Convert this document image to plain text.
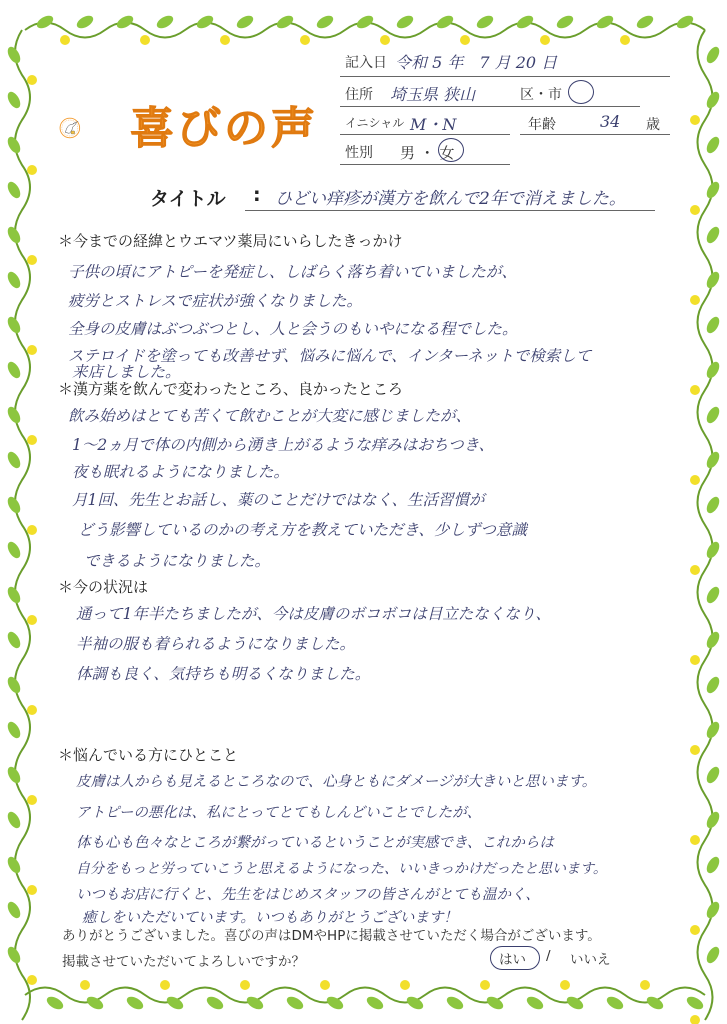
喜びの声
記入日 令和 5 年　7 月 20 日
住所 埼玉県 狭山	区・市
イニシャル M・N	年齢	34 歳
性別 男 ・ 女
タイトル : ひどい痒疹が漢方を飲んで2年で消えました。
＊今までの経緯とウエマツ薬局にいらしたきっかけ
子供の頃にアトピーを発症し、しばらく落ち着いていましたが、
疲労とストレスで症状が強くなりました。
全身の皮膚はぶつぶつとし、人と会うのもいやになる程でした。
ステロイドを塗っても改善せず、悩みに悩んで、インターネットで検索して
来店しました。
＊漢方薬を飲んで変わったところ、良かったところ
飲み始めはとても苦くて飲むことが大変に感じましたが、
1〜2ヵ月で体の内側から湧き上がるような痒みはおちつき、
夜も眠れるようになりました。
月1回、先生とお話し、薬のことだけではなく、生活習慣が
どう影響しているのかの考え方を教えていただき、少しずつ意識
できるようになりました。
＊今の状況は
通って1年半たちましたが、今は皮膚のボコボコは目立たなくなり、
半袖の服も着られるようになりました。
体調も良く、気持ちも明るくなりました。
＊悩んでいる方にひとこと
皮膚は人からも見えるところなので、心身ともにダメージが大きいと思います。
アトピーの悪化は、私にとってとてもしんどいことでしたが、
体も心も色々なところが繋がっているということが実感でき、これからは
自分をもっと労っていこうと思えるようになった、いいきっかけだったと思います。
いつもお店に行くと、先生をはじめスタッフの皆さんがとても温かく、
癒しをいただいています。いつもありがとうございます！
ありがとうございました。喜びの声はDMやHPに掲載させていただく場合がございます。
掲載させていただいてよろしいですか？	はい / いいえ
